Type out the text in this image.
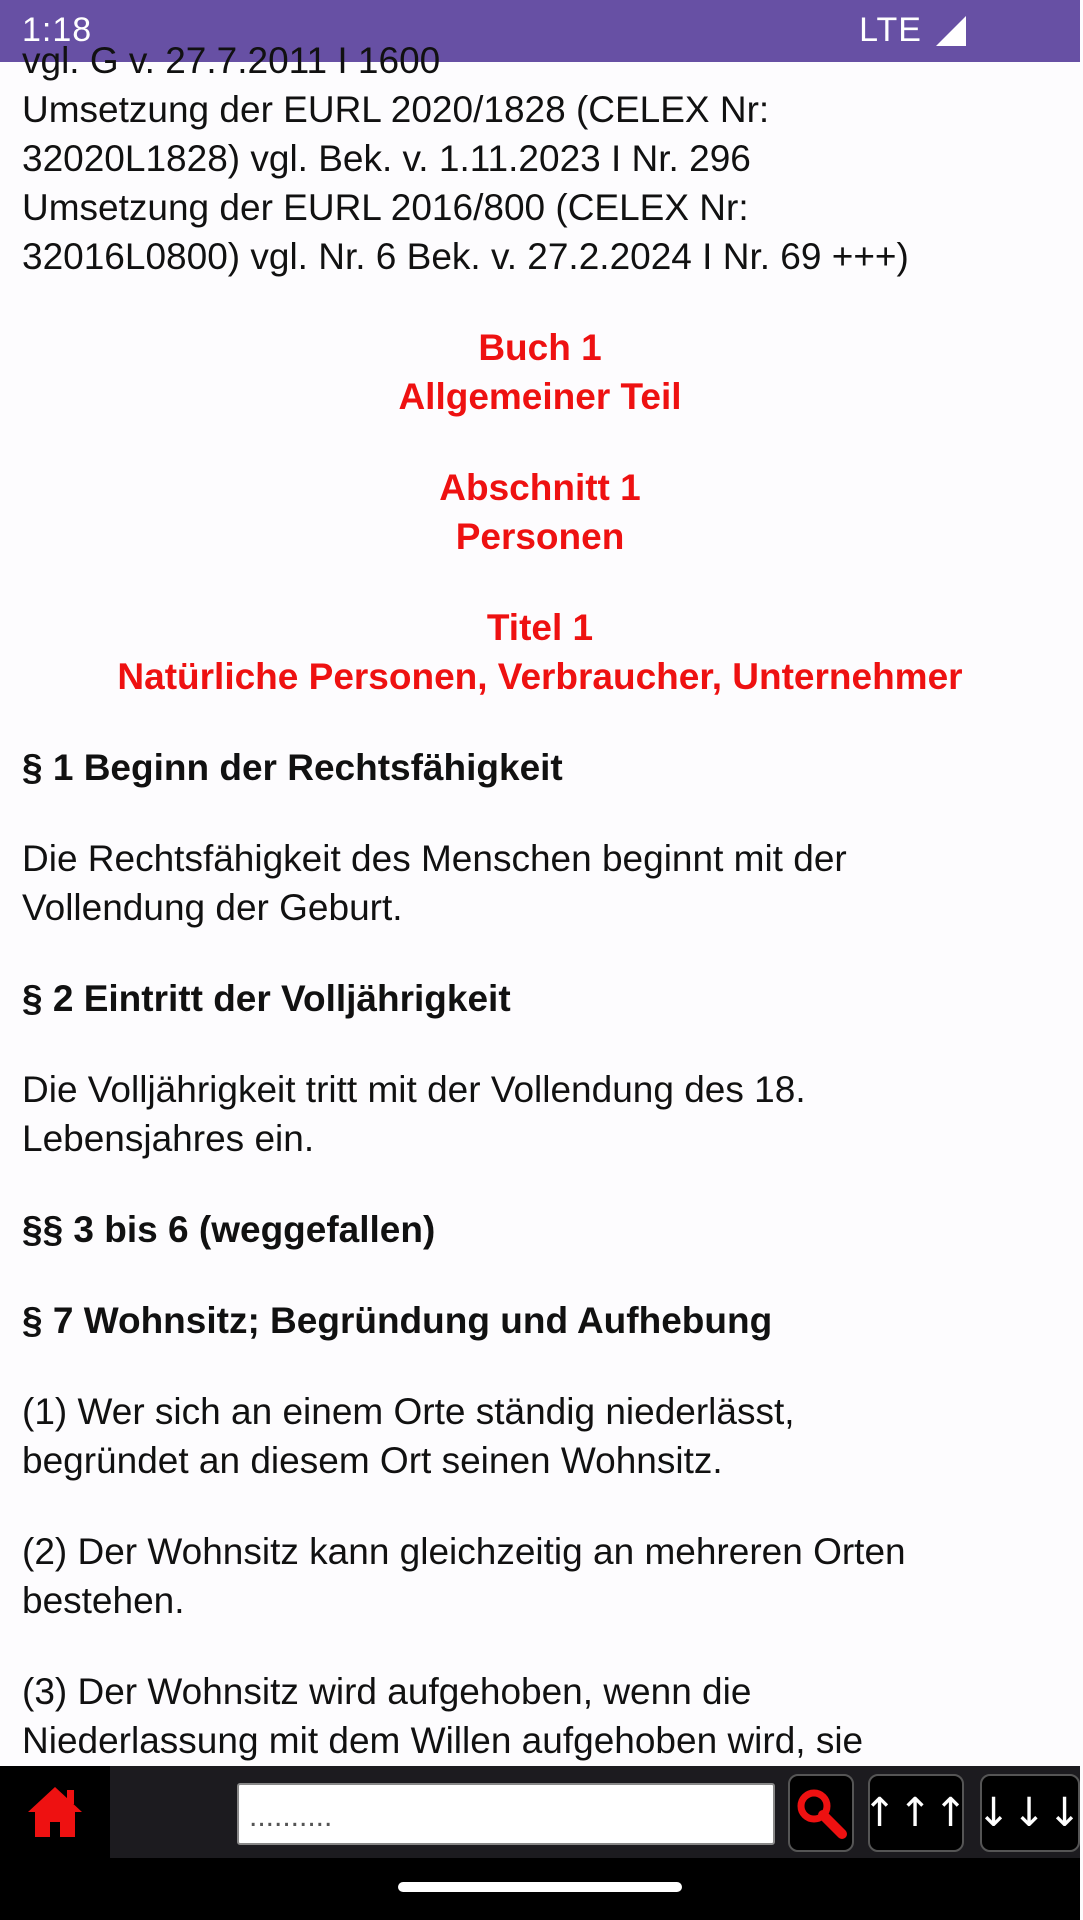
1:18	LTE

vgl. G v. 27.7.2011 I 1600

Umsetzung der EURL 2020/1828 (CELEX Nr:

32020L1828) vgl. Bek. v. 1.11.2023 I Nr. 296

Umsetzung der EURL 2016/800 (CELEX Nr:

32016L0800) vgl. Nr. 6 Bek. v. 27.2.2024 I Nr. 69 +++)

Buch 1
Allgemeiner Teil

Abschnitt 1
Personen

Titel 1
Natürliche Personen, Verbraucher, Unternehmer

§ 1 Beginn der Rechtsfähigkeit

Die Rechtsfähigkeit des Menschen beginnt mit der
Vollendung der Geburt.

§ 2 Eintritt der Volljährigkeit

Die Volljährigkeit tritt mit der Vollendung des 18.
Lebensjahres ein.

§§ 3 bis 6 (weggefallen)

§ 7 Wohnsitz; Begründung und Aufhebung

(1) Wer sich an einem Orte ständig niederlässt,
begründet an diesem Ort seinen Wohnsitz.

(2) Der Wohnsitz kann gleichzeitig an mehreren Orten
bestehen.

(3) Der Wohnsitz wird aufgehoben, wenn die
Niederlassung mit dem Willen aufgehoben wird, sie

..........
↑↑↑ ↓↓↓
